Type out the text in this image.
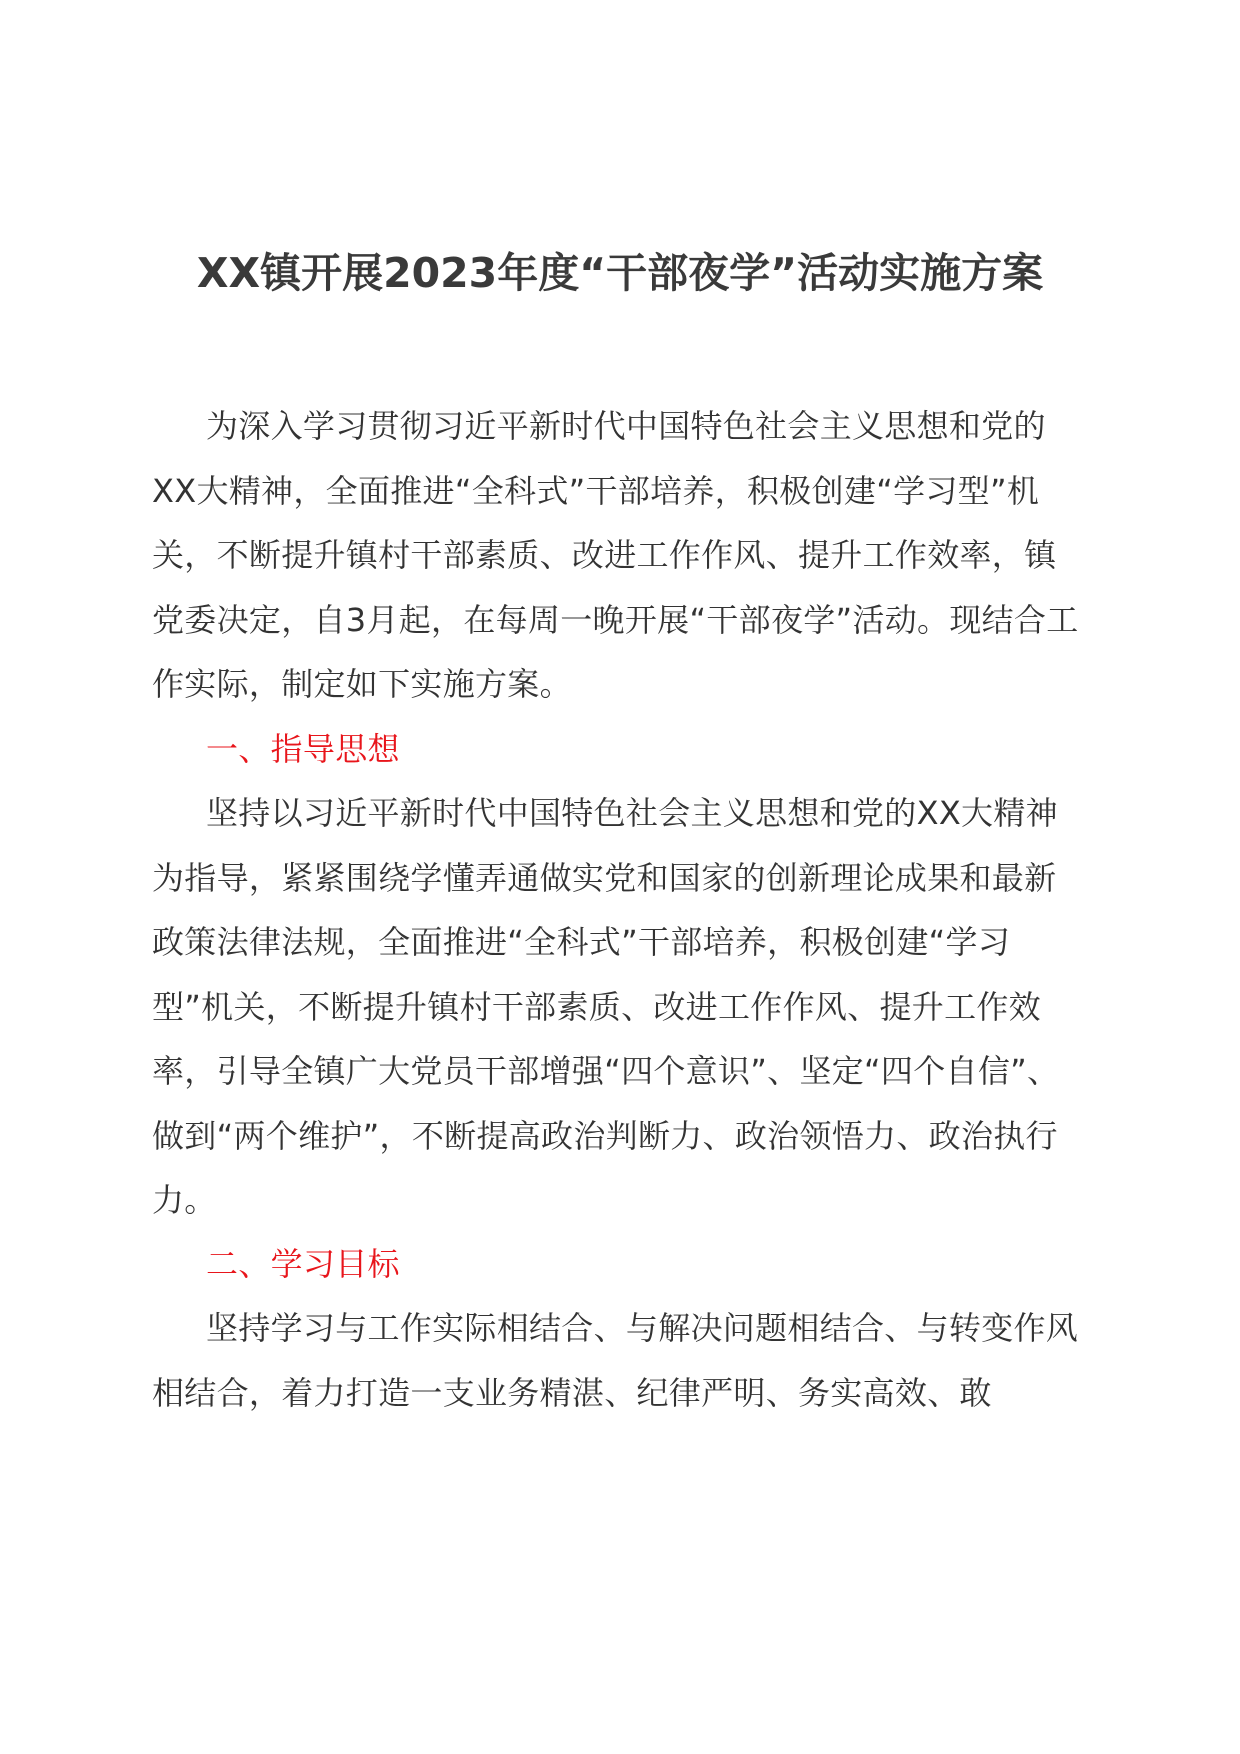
XX镇开展2023年度“干部夜学”活动实施方案

为深入学习贯彻习近平新时代中国特色社会主义思想和党的XX大精神，全面推进“全科式”干部培养，积极创建“学习型”机关，不断提升镇村干部素质、改进工作作风、提升工作效率，镇党委决定，自3月起，在每周一晚开展“干部夜学”活动。现结合工作实际，制定如下实施方案。

一、指导思想

坚持以习近平新时代中国特色社会主义思想和党的XX大精神为指导，紧紧围绕学懂弄通做实党和国家的创新理论成果和最新政策法律法规，全面推进“全科式”干部培养，积极创建“学习型”机关，不断提升镇村干部素质、改进工作作风、提升工作效率，引导全镇广大党员干部增强“四个意识”、坚定“四个自信”、做到“两个维护”，不断提高政治判断力、政治领悟力、政治执行力。

二、学习目标

坚持学习与工作实际相结合、与解决问题相结合、与转变作风相结合，着力打造一支业务精湛、纪律严明、务实高效、敢
